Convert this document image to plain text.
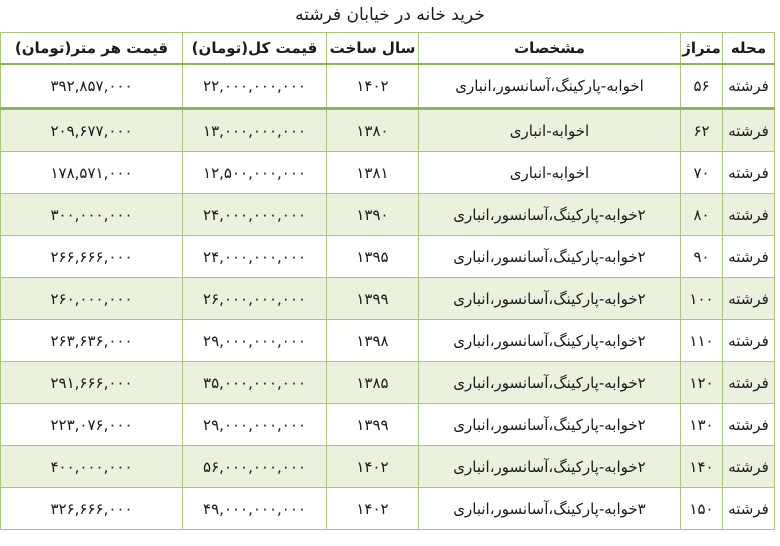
خرید خانه در خیابان فرشته
محله	متراژ	مشخصات	سال ساخت	قیمت کل(تومان)	قیمت هر متر(تومان)
فرشته	۵۶	اخوابه-پارکینگ،آسانسور،انباری	۱۴۰۲	۲۲,۰۰۰,۰۰۰,۰۰۰	۳۹۲,۸۵۷,۰۰۰
فرشته	۶۲	اخوابه-انباری	۱۳۸۰	۱۳,۰۰۰,۰۰۰,۰۰۰	۲۰۹,۶۷۷,۰۰۰
فرشته	۷۰	اخوابه-انباری	۱۳۸۱	۱۲,۵۰۰,۰۰۰,۰۰۰	۱۷۸,۵۷۱,۰۰۰
فرشته	۸۰	۲خوابه-پارکینگ،آسانسور،انباری	۱۳۹۰	۲۴,۰۰۰,۰۰۰,۰۰۰	۳۰۰,۰۰۰,۰۰۰
فرشته	۹۰	۲خوابه-پارکینگ،آسانسور،انباری	۱۳۹۵	۲۴,۰۰۰,۰۰۰,۰۰۰	۲۶۶,۶۶۶,۰۰۰
فرشته	۱۰۰	۲خوابه-پارکینگ،آسانسور،انباری	۱۳۹۹	۲۶,۰۰۰,۰۰۰,۰۰۰	۲۶۰,۰۰۰,۰۰۰
فرشته	۱۱۰	۲خوابه-پارکینگ،آسانسور،انباری	۱۳۹۸	۲۹,۰۰۰,۰۰۰,۰۰۰	۲۶۳,۶۳۶,۰۰۰
فرشته	۱۲۰	۲خوابه-پارکینگ،آسانسور،انباری	۱۳۸۵	۳۵,۰۰۰,۰۰۰,۰۰۰	۲۹۱,۶۶۶,۰۰۰
فرشته	۱۳۰	۲خوابه-پارکینگ،آسانسور،انباری	۱۳۹۹	۲۹,۰۰۰,۰۰۰,۰۰۰	۲۲۳,۰۷۶,۰۰۰
فرشته	۱۴۰	۲خوابه-پارکینگ،آسانسور،انباری	۱۴۰۲	۵۶,۰۰۰,۰۰۰,۰۰۰	۴۰۰,۰۰۰,۰۰۰
فرشته	۱۵۰	۳خوابه-پارکینگ،آسانسور،انباری	۱۴۰۲	۴۹,۰۰۰,۰۰۰,۰۰۰	۳۲۶,۶۶۶,۰۰۰
